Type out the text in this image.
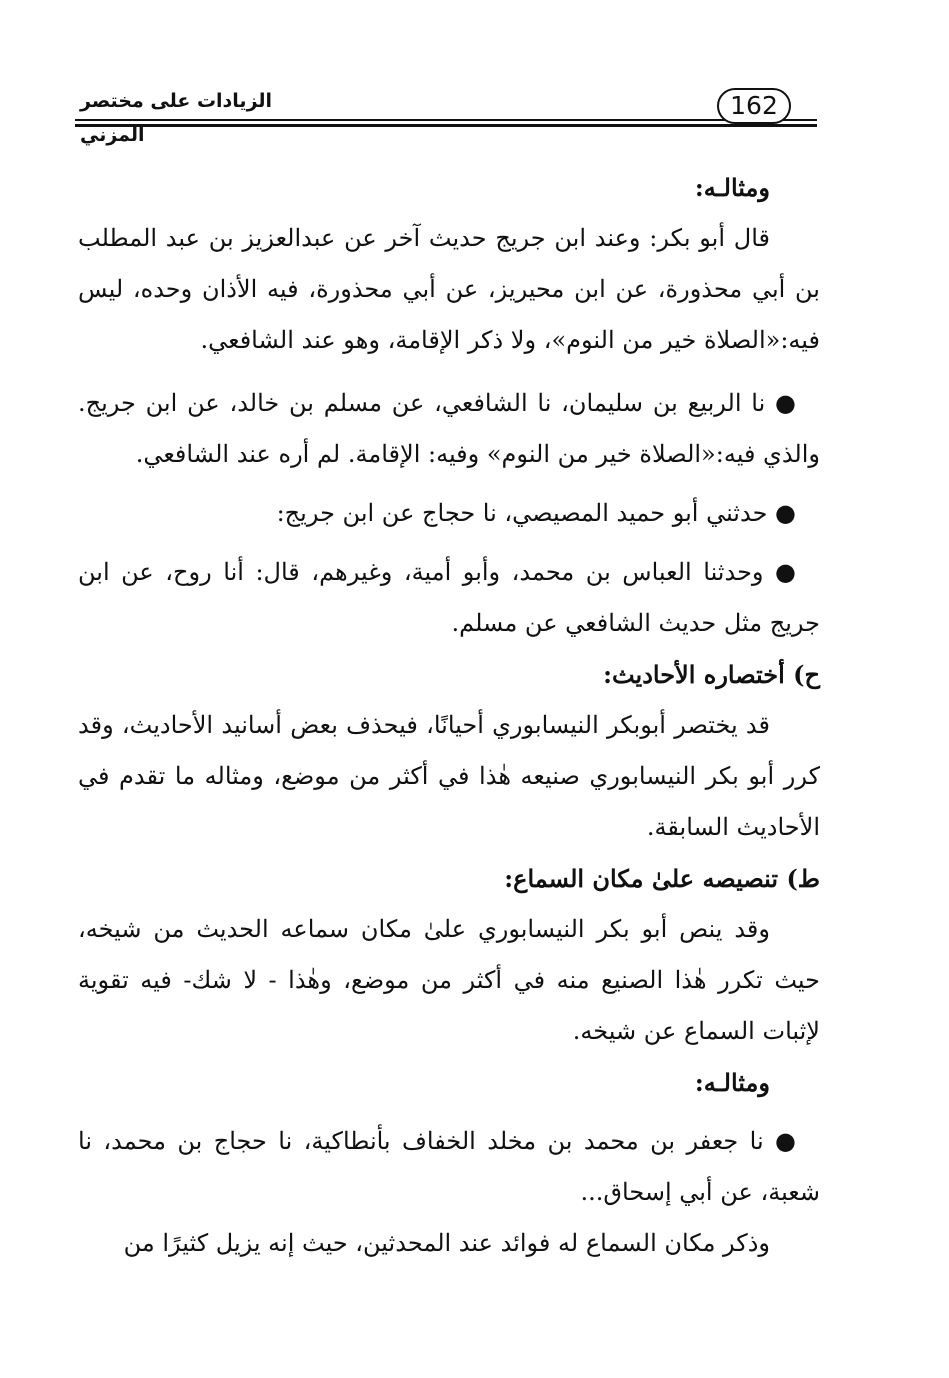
162
الزيادات على مختصر المزني

ومثالـه:

قال أبو بكر: وعند ابن جريج حديث آخر عن عبدالعزيز بن عبد المطلب بن أبي محذورة، عن ابن محيريز، عن أبي محذورة، فيه الأذان وحده، ليس فيه:«الصلاة خير من النوم»، ولا ذكر الإقامة، وهو عند الشافعي.

● نا الربيع بن سليمان، نا الشافعي، عن مسلم بن خالد، عن ابن جريج. والذي فيه:«الصلاة خير من النوم» وفيه: الإقامة. لم أره عند الشافعي.

● حدثني أبو حميد المصيصي، نا حجاج عن ابن جريج:

● وحدثنا العباس بن محمد، وأبو أمية، وغيرهم، قال: أنا روح، عن ابن جريج مثل حديث الشافعي عن مسلم.

ح) أختصاره الأحاديث:

قد يختصر أبوبكر النيسابوري أحيانًا، فيحذف بعض أسانيد الأحاديث، وقد كرر أبو بكر النيسابوري صنيعه هٰذا في أكثر من موضع، ومثاله ما تقدم في الأحاديث السابقة.

ط) تنصيصه علىٰ مكان السماع:

وقد ينص أبو بكر النيسابوري علىٰ مكان سماعه الحديث من شيخه، حيث تكرر هٰذا الصنيع منه في أكثر من موضع، وهٰذا - لا شك- فيه تقوية لإثبات السماع عن شيخه.

ومثالـه:

● نا جعفر بن محمد بن مخلد الخفاف بأنطاكية، نا حجاج بن محمد، نا شعبة، عن أبي إسحاق...

وذكر مكان السماع له فوائد عند المحدثين، حيث إنه يزيل كثيرًا من
